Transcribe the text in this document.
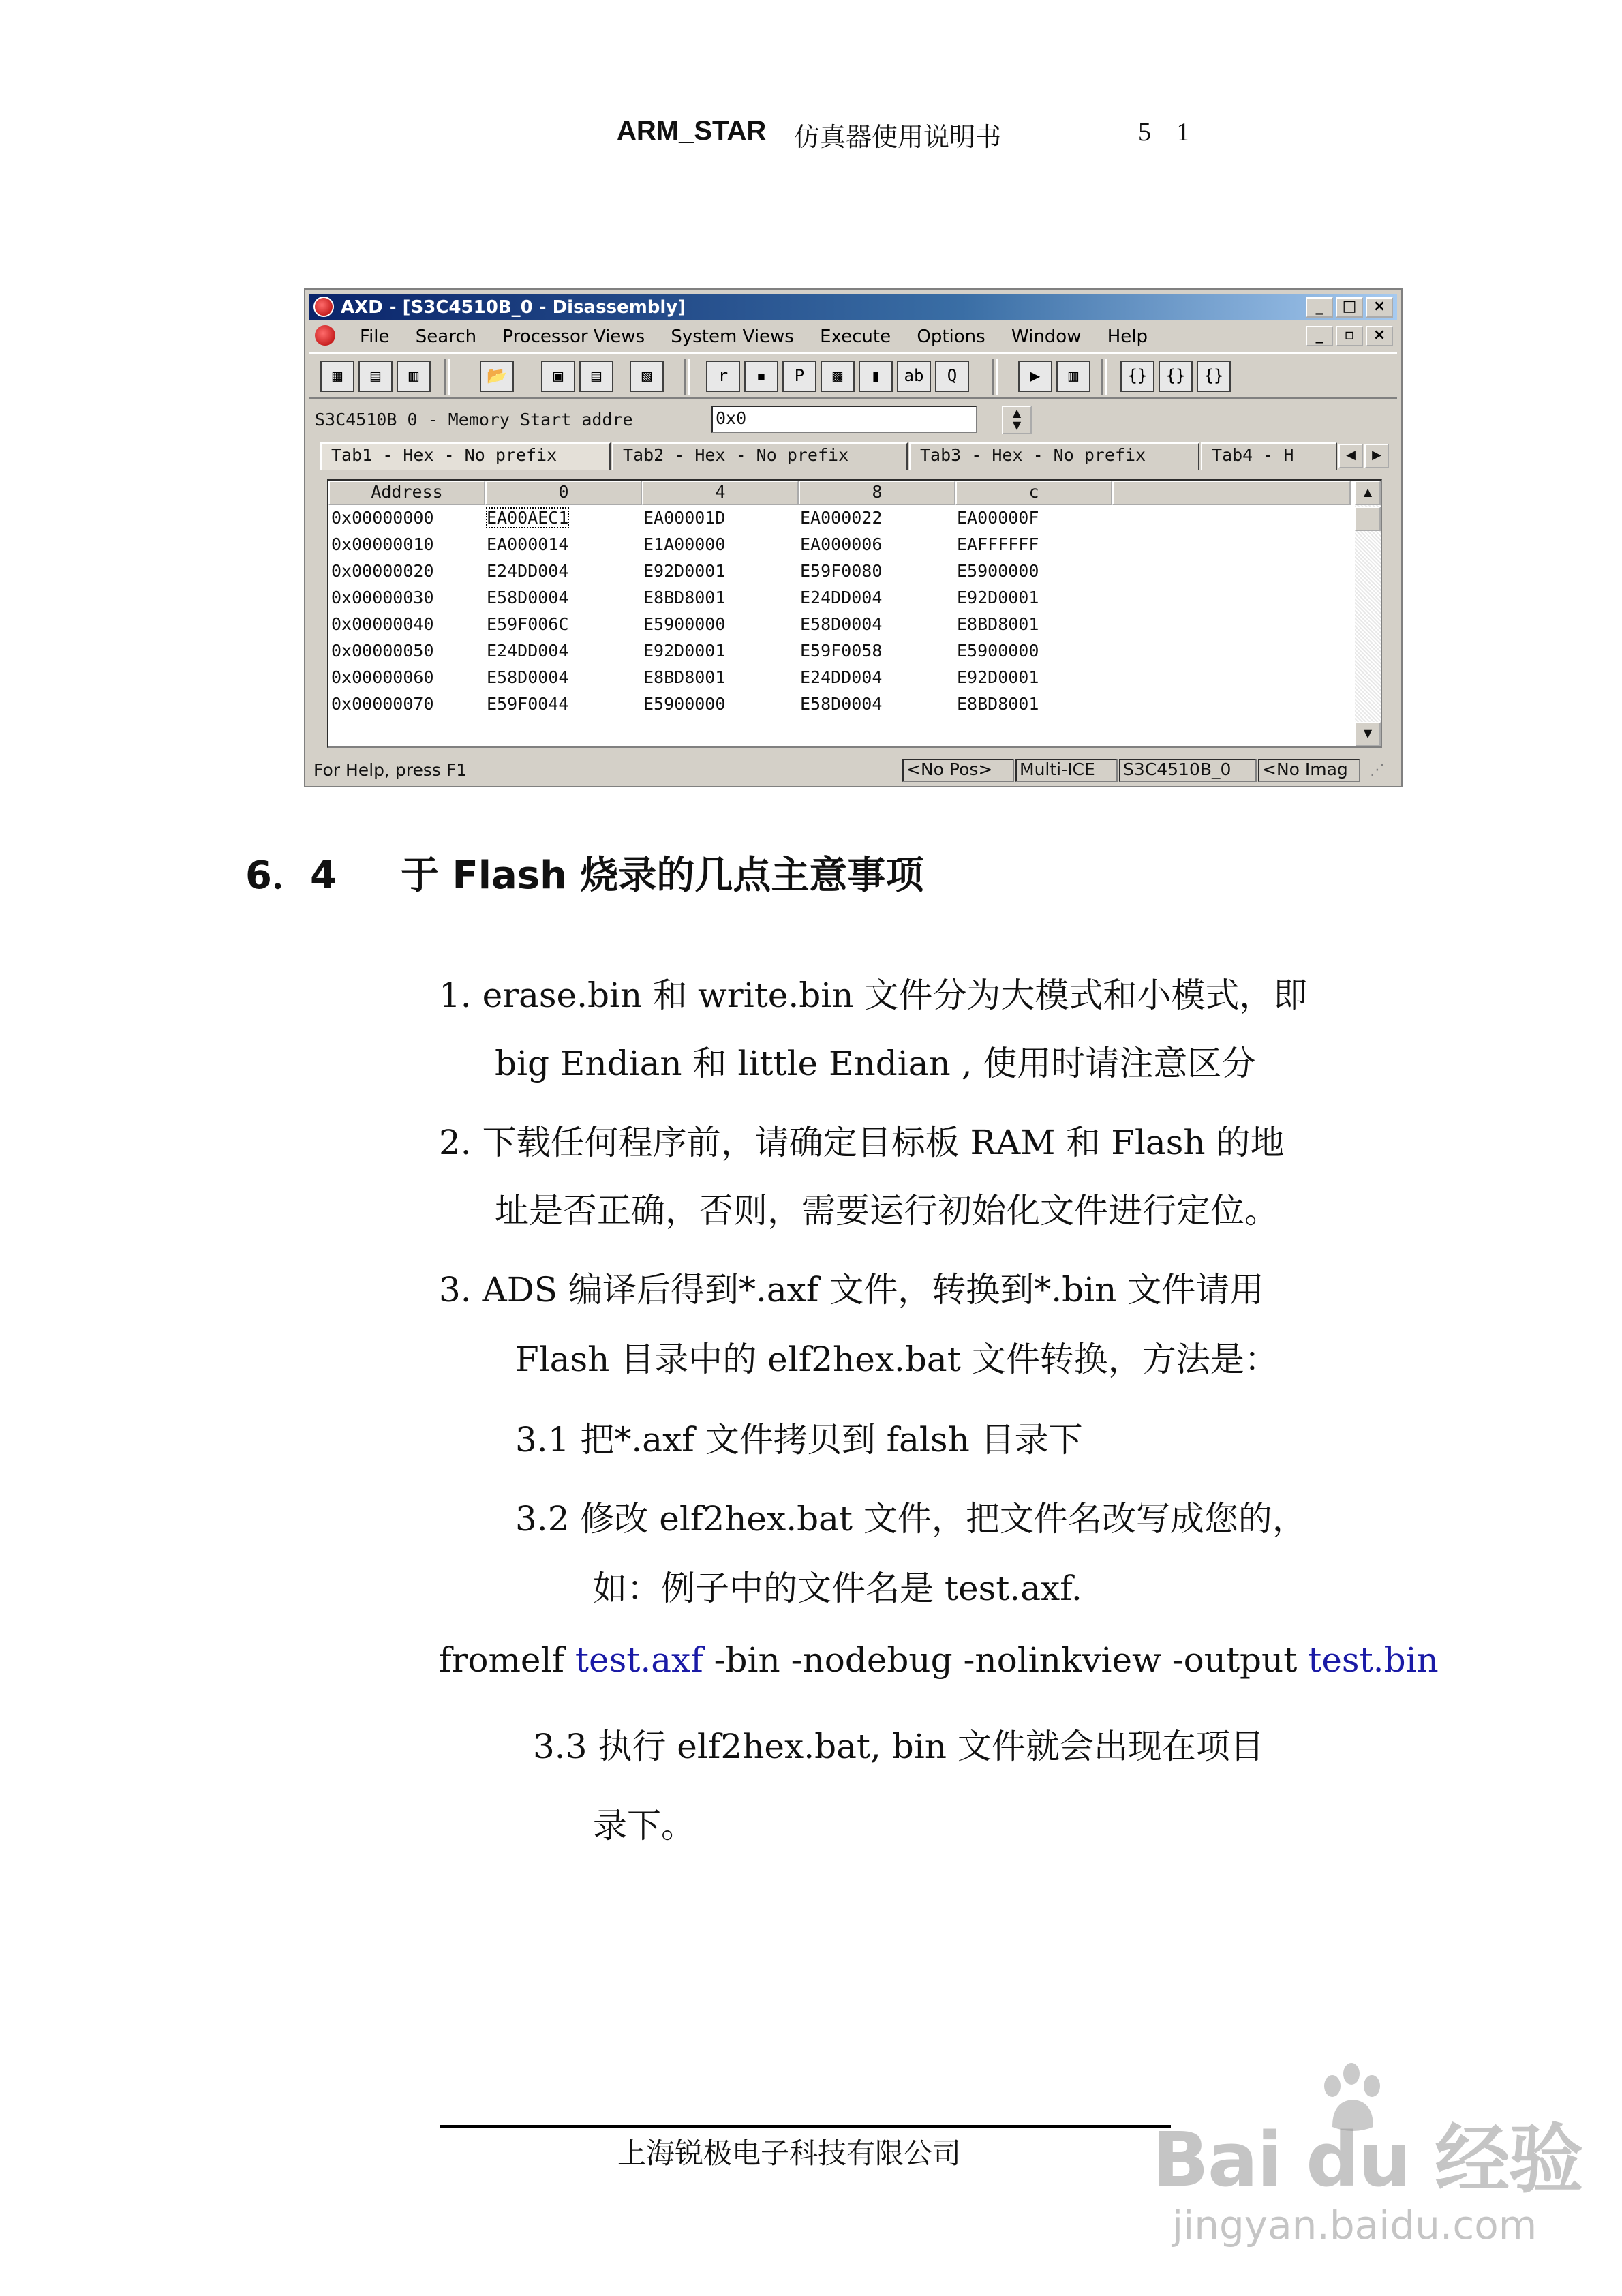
ARM_STAR 仿真器使用说明书	5 1
AXD - [S3C4510B_0 - Disassembly]	_ □ ×
File Search Processor Views System Views Execute Options Window Help	_ ▫ ×
▦ ▤ ▥	📂	▣ ▤	▧	r ▪ P ▩ ▮ ab Q	▶ ▥	{} {} {}
S3C4510B_0 - Memory Start addre	0x0	▲
▼
Tab1 - Hex - No prefix	Tab2 - Hex - No prefix	Tab3 - Hex - No prefix	Tab4 - H	◀	▶
Address	0	4	8	c
0x00000000	EA00AEC1	EA00001D	EA000022	EA00000F
0x00000010	EA000014	E1A00000	EA000006	EAFFFFFF
0x00000020	E24DD004	E92D0001	E59F0080	E5900000
0x00000030	E58D0004	E8BD8001	E24DD004	E92D0001
0x00000040	E59F006C	E5900000	E58D0004	E8BD8001
0x00000050	E24DD004	E92D0001	E59F0058	E5900000
0x00000060	E58D0004	E8BD8001	E24DD004	E92D0001
0x00000070	E59F0044	E5900000	E58D0004	E8BD8001
▲
▼
For Help, press F1	<No Pos>	Multi-ICE	S3C4510B_0	<No Imag	⋰
6．4 于 Flash 烧录的几点主意事项
1. erase.bin 和 write.bin 文件分为大模式和小模式，即
big Endian 和 little Endian , 使用时请注意区分
2. 下载任何程序前，请确定目标板 RAM 和 Flash 的地
址是否正确，否则，需要运行初始化文件进行定位。
3. ADS 编译后得到*.axf 文件，转换到*.bin 文件请用
Flash 目录中的 elf2hex.bat 文件转换，方法是：
3.1 把*.axf 文件拷贝到 falsh 目录下
3.2 修改 elf2hex.bat 文件，把文件名改写成您的，
如：例子中的文件名是 test.axf.
fromelf test.axf -bin -nodebug -nolinkview -output test.bin
3.3 执行 elf2hex.bat, bin 文件就会出现在项目
录下。
上海锐极电子科技有限公司	Bai du 经验
jingyan.baidu.com
